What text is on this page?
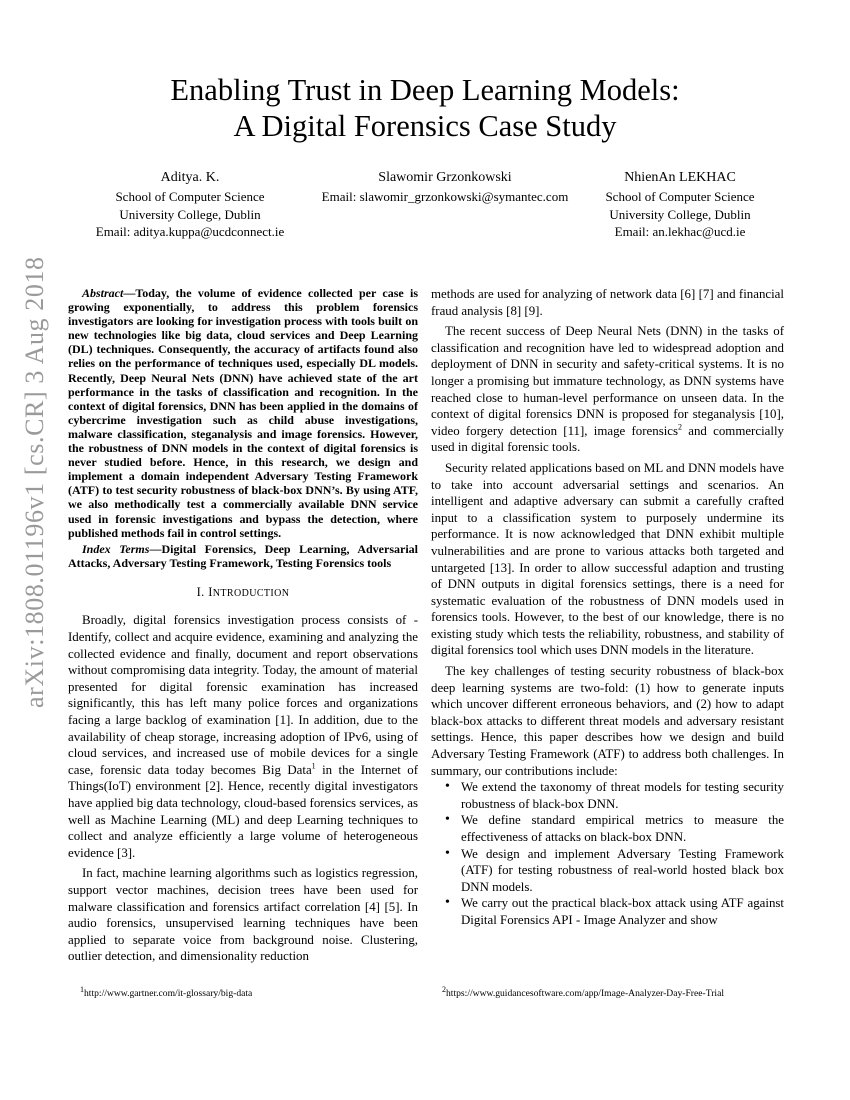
arXiv:1808.01196v1 [cs.CR] 3 Aug 2018
Enabling Trust in Deep Learning Models:
A Digital Forensics Case Study
Aditya. K.
School of Computer Science
University College, Dublin
Email: aditya.kuppa@ucdconnect.ie
Slawomir Grzonkowski
Email: slawomir_grzonkowski@symantec.com
NhienAn LEKHAC
School of Computer Science
University College, Dublin
Email: an.lekhac@ucd.ie

Abstract—Today, the volume of evidence collected per case is growing exponentially, to address this problem forensics investigators are looking for investigation process with tools built on new technologies like big data, cloud services and Deep Learning (DL) techniques. Consequently, the accuracy of artifacts found also relies on the performance of techniques used, especially DL models. Recently, Deep Neural Nets (DNN) have achieved state of the art performance in the tasks of classification and recognition. In the context of digital forensics, DNN has been applied in the domains of cybercrime investigation such as child abuse investigations, malware classification, steganalysis and image forensics. However, the robustness of DNN models in the context of digital forensics is never studied before. Hence, in this research, we design and implement a domain independent Adversary Testing Framework (ATF) to test security robustness of black-box DNN’s. By using ATF, we also methodically test a commercially available DNN service used in forensic investigations and bypass the detection, where published methods fail in control settings.

Index Terms—Digital Forensics, Deep Learning, Adversarial Attacks, Adversary Testing Framework, Testing Forensics tools

I. INTRODUCTION

Broadly, digital forensics investigation process consists of - Identify, collect and acquire evidence, examining and analyzing the collected evidence and finally, document and report observations without compromising data integrity. Today, the amount of material presented for digital forensic examination has increased significantly, this has left many police forces and organizations facing a large backlog of examination [1]. In addition, due to the availability of cheap storage, increasing adoption of IPv6, using of cloud services, and increased use of mobile devices for a single case, forensic data today becomes Big Data$^1$ in the Internet of Things(IoT) environment [2]. Hence, recently digital investigators have applied big data technology, cloud-based forensics services, as well as Machine Learning (ML) and deep Learning techniques to collect and analyze efficiently a large volume of heterogeneous evidence [3].

In fact, machine learning algorithms such as logistics regression, support vector machines, decision trees have been used for malware classification and forensics artifact correlation [4] [5]. In audio forensics, unsupervised learning techniques have been applied to separate voice from background noise. Clustering, outlier detection, and dimensionality reduction

methods are used for analyzing of network data [6] [7] and financial fraud analysis [8] [9].

The recent success of Deep Neural Nets (DNN) in the tasks of classification and recognition have led to widespread adoption and deployment of DNN in security and safety-critical systems. It is no longer a promising but immature technology, as DNN systems have reached close to human-level performance on unseen data. In the context of digital forensics DNN is proposed for steganalysis [10], video forgery detection [11], image forensics$^2$ and commercially used in digital forensic tools.

Security related applications based on ML and DNN models have to take into account adversarial settings and scenarios. An intelligent and adaptive adversary can submit a carefully crafted input to a classification system to purposely undermine its performance. It is now acknowledged that DNN exhibit multiple vulnerabilities and are prone to various attacks both targeted and untargeted [13]. In order to allow successful adaption and trusting of DNN outputs in digital forensics settings, there is a need for systematic evaluation of the robustness of DNN models used in forensics tools. However, to the best of our knowledge, there is no existing study which tests the reliability, robustness, and stability of digital forensics tool which uses DNN models in the literature.

The key challenges of testing security robustness of black-box deep learning systems are two-fold: (1) how to generate inputs which uncover different erroneous behaviors, and (2) how to adapt black-box attacks to different threat models and adversary resistant settings. Hence, this paper describes how we design and build Adversary Testing Framework (ATF) to address both challenges. In summary, our contributions include:

• We extend the taxonomy of threat models for testing security robustness of black-box DNN.
• We define standard empirical metrics to measure the effectiveness of attacks on black-box DNN.
• We design and implement Adversary Testing Framework (ATF) for testing robustness of real-world hosted black box DNN models.
• We carry out the practical black-box attack using ATF against Digital Forensics API - Image Analyzer and show
$^1$http://www.gartner.com/it-glossary/big-data	$^2$https://www.guidancesoftware.com/app/Image-Analyzer-Day-Free-Trial
